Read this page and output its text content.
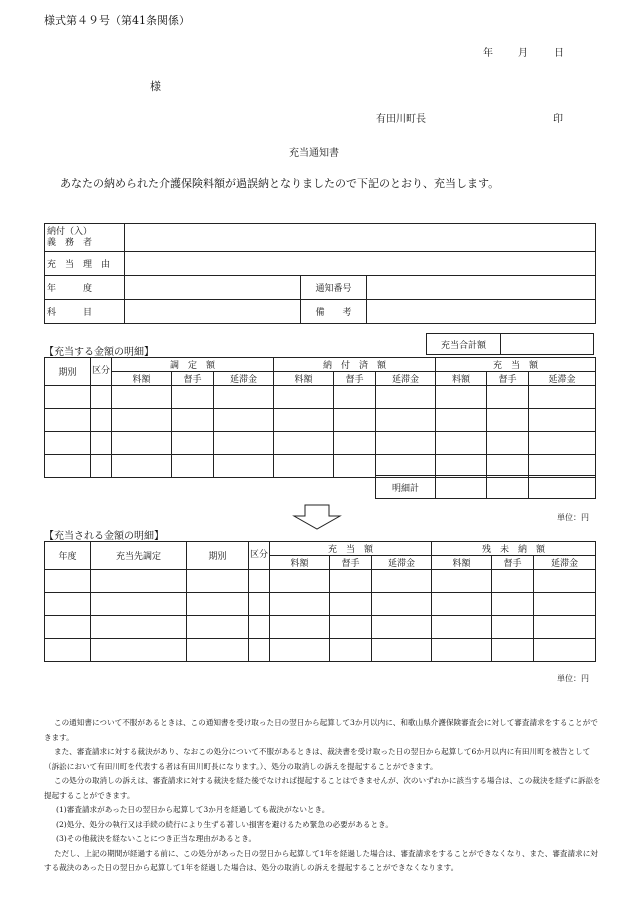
様式第４９号（第41条関係）
年	月	日
様
有田川町長	印
充当通知書
あなたの納められた介護保険料額が過誤納となりましたので下記のとおり、充当します。
納付（入）
義　務　者			

充　当　理　由			
年　　　度		通知番号	
科　　　目		備　　考	
【充当する金額の明細】
充当合計額	
期別	区分	調　定　額			納　付　済　額			充　当　額		
		料額	督手	延滞金	料額	督手	延滞金	料額	督手	延滞金

明細計			
単位：円
【充当される金額の明細】
年度	充当先調定	期別	区分	充　当　額			残　未　納　額		
				料額	督手	延滞金	料額	督手	延滞金

単位：円

この通知書について不服があるときは、この通知書を受け取った日の翌日から起算して3か月以内に、和歌山県介護保険審査会に対して審査請求をすることができます。

また、審査請求に対する裁決があり、なおこの処分について不服があるときは、裁決書を受け取った日の翌日から起算して6か月以内に有田川町を被告として（訴訟において有田川町を代表する者は有田川町長になります。）、処分の取消しの訴えを提起することができます。

この処分の取消しの訴えは、審査請求に対する裁決を経た後でなければ提起することはできませんが、次のいずれかに該当する場合は、この裁決を経ずに訴訟を提起することができます。

(1)審査請求があった日の翌日から起算して3か月を経過しても裁決がないとき。

(2)処分、処分の執行又は手続の続行により生ずる著しい損害を避けるため緊急の必要があるとき。

(3)その他裁決を経ないことにつき正当な理由があるとき。

ただし、上記の期間が経過する前に、この処分があった日の翌日から起算して1年を経過した場合は、審査請求をすることができなくなり、また、審査請求に対する裁決のあった日の翌日から起算して1年を経過した場合は、処分の取消しの訴えを提起することができなくなります。
